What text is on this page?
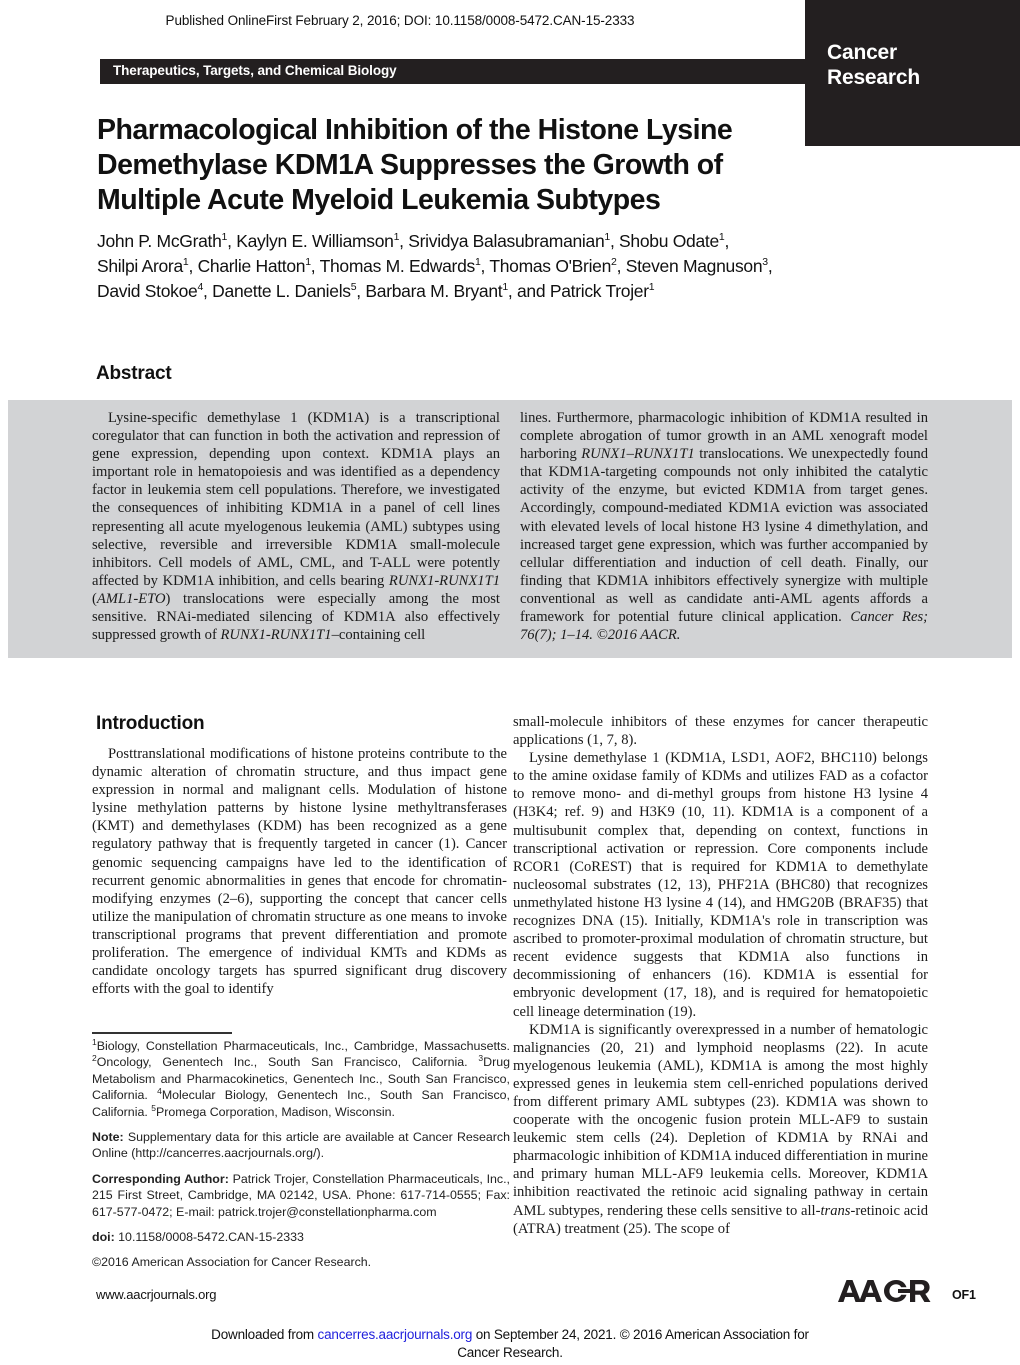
Published OnlineFirst February 2, 2016; DOI: 10.1158/0008-5472.CAN-15-2333
Cancer
Research
Therapeutics, Targets, and Chemical Biology
Pharmacological Inhibition of the Histone Lysine Demethylase KDM1A Suppresses the Growth of Multiple Acute Myeloid Leukemia Subtypes
John P. McGrath$^1$, Kaylyn E. Williamson$^1$, Srividya Balasubramanian$^1$, Shobu Odate$^1$,
Shilpi Arora$^1$, Charlie Hatton$^1$, Thomas M. Edwards$^1$, Thomas O'Brien$^2$, Steven Magnuson$^3$,
David Stokoe$^4$, Danette L. Daniels$^5$, Barbara M. Bryant$^1$, and Patrick Trojer$^1$
Abstract

Lysine-specific demethylase 1 (KDM1A) is a transcriptional coregulator that can function in both the activation and repression of gene expression, depending upon context. KDM1A plays an important role in hematopoiesis and was identified as a dependency factor in leukemia stem cell populations. Therefore, we investigated the consequences of inhibiting KDM1A in a panel of cell lines representing all acute myelogenous leukemia (AML) subtypes using selective, reversible and irreversible KDM1A small-molecule inhibitors. Cell models of AML, CML, and T-ALL were potently affected by KDM1A inhibition, and cells bearing RUNX1-RUNX1T1 (AML1-ETO) translocations were especially among the most sensitive. RNAi-mediated silencing of KDM1A also effectively suppressed growth of RUNX1-RUNX1T1–containing cell

lines. Furthermore, pharmacologic inhibition of KDM1A resulted in complete abrogation of tumor growth in an AML xenograft model harboring RUNX1–RUNX1T1 translocations. We unexpectedly found that KDM1A-targeting compounds not only inhibited the catalytic activity of the enzyme, but evicted KDM1A from target genes. Accordingly, compound-mediated KDM1A eviction was associated with elevated levels of local histone H3 lysine 4 dimethylation, and increased target gene expression, which was further accompanied by cellular differentiation and induction of cell death. Finally, our finding that KDM1A inhibitors effectively synergize with multiple conventional as well as candidate anti-AML agents affords a framework for potential future clinical application. Cancer Res; 76(7); 1–14. ©2016 AACR.

Introduction

Posttranslational modifications of histone proteins contribute to the dynamic alteration of chromatin structure, and thus impact gene expression in normal and malignant cells. Modulation of histone lysine methylation patterns by histone lysine methyltransferases (KMT) and demethylases (KDM) has been recognized as a gene regulatory pathway that is frequently targeted in cancer (1). Cancer genomic sequencing campaigns have led to the identification of recurrent genomic abnormalities in genes that encode for chromatin-modifying enzymes (2–6), supporting the concept that cancer cells utilize the manipulation of chromatin structure as one means to invoke transcriptional programs that prevent differentiation and promote proliferation. The emergence of individual KMTs and KDMs as candidate oncology targets has spurred significant drug discovery efforts with the goal to identify

small-molecule inhibitors of these enzymes for cancer therapeutic applications (1, 7, 8).

Lysine demethylase 1 (KDM1A, LSD1, AOF2, BHC110) belongs to the amine oxidase family of KDMs and utilizes FAD as a cofactor to remove mono- and di-methyl groups from histone H3 lysine 4 (H3K4; ref. 9) and H3K9 (10, 11). KDM1A is a component of a multisubunit complex that, depending on context, functions in transcriptional activation or repression. Core components include RCOR1 (CoREST) that is required for KDM1A to demethylate nucleosomal substrates (12, 13), PHF21A (BHC80) that recognizes unmethylated histone H3 lysine 4 (14), and HMG20B (BRAF35) that recognizes DNA (15). Initially, KDM1A's role in transcription was ascribed to promoter-proximal modulation of chromatin structure, but recent evidence suggests that KDM1A also functions in decommissioning of enhancers (16). KDM1A is essential for embryonic development (17, 18), and is required for hematopoietic cell lineage determination (19).

KDM1A is significantly overexpressed in a number of hematologic malignancies (20, 21) and lymphoid neoplasms (22). In acute myelogenous leukemia (AML), KDM1A is among the most highly expressed genes in leukemia stem cell-enriched populations derived from different primary AML subtypes (23). KDM1A was shown to cooperate with the oncogenic fusion protein MLL-AF9 to sustain leukemic stem cells (24). Depletion of KDM1A by RNAi and pharmacologic inhibition of KDM1A induced differentiation in murine and primary human MLL-AF9 leukemia cells. Moreover, KDM1A inhibition reactivated the retinoic acid signaling pathway in certain AML subtypes, rendering these cells sensitive to all-trans-retinoic acid (ATRA) treatment (25). The scope of

$^1$Biology, Constellation Pharmaceuticals, Inc., Cambridge, Massachusetts. $^2$Oncology, Genentech Inc., South San Francisco, California. $^3$Drug Metabolism and Pharmacokinetics, Genentech Inc., South San Francisco, California. $^4$Molecular Biology, Genentech Inc., South San Francisco, California. $^5$Promega Corporation, Madison, Wisconsin.

Note: Supplementary data for this article are available at Cancer Research Online (http://cancerres.aacrjournals.org/).

Corresponding Author: Patrick Trojer, Constellation Pharmaceuticals, Inc., 215 First Street, Cambridge, MA 02142, USA. Phone: 617-714-0555; Fax: 617-577-0472; E-mail: patrick.trojer@constellationpharma.com

doi: 10.1158/0008-5472.CAN-15-2333

©2016 American Association for Cancer Research.

www.aacrjournals.org	OF1
Downloaded from cancerres.aacrjournals.org on September 24, 2021. © 2016 American Association for
Cancer Research.
